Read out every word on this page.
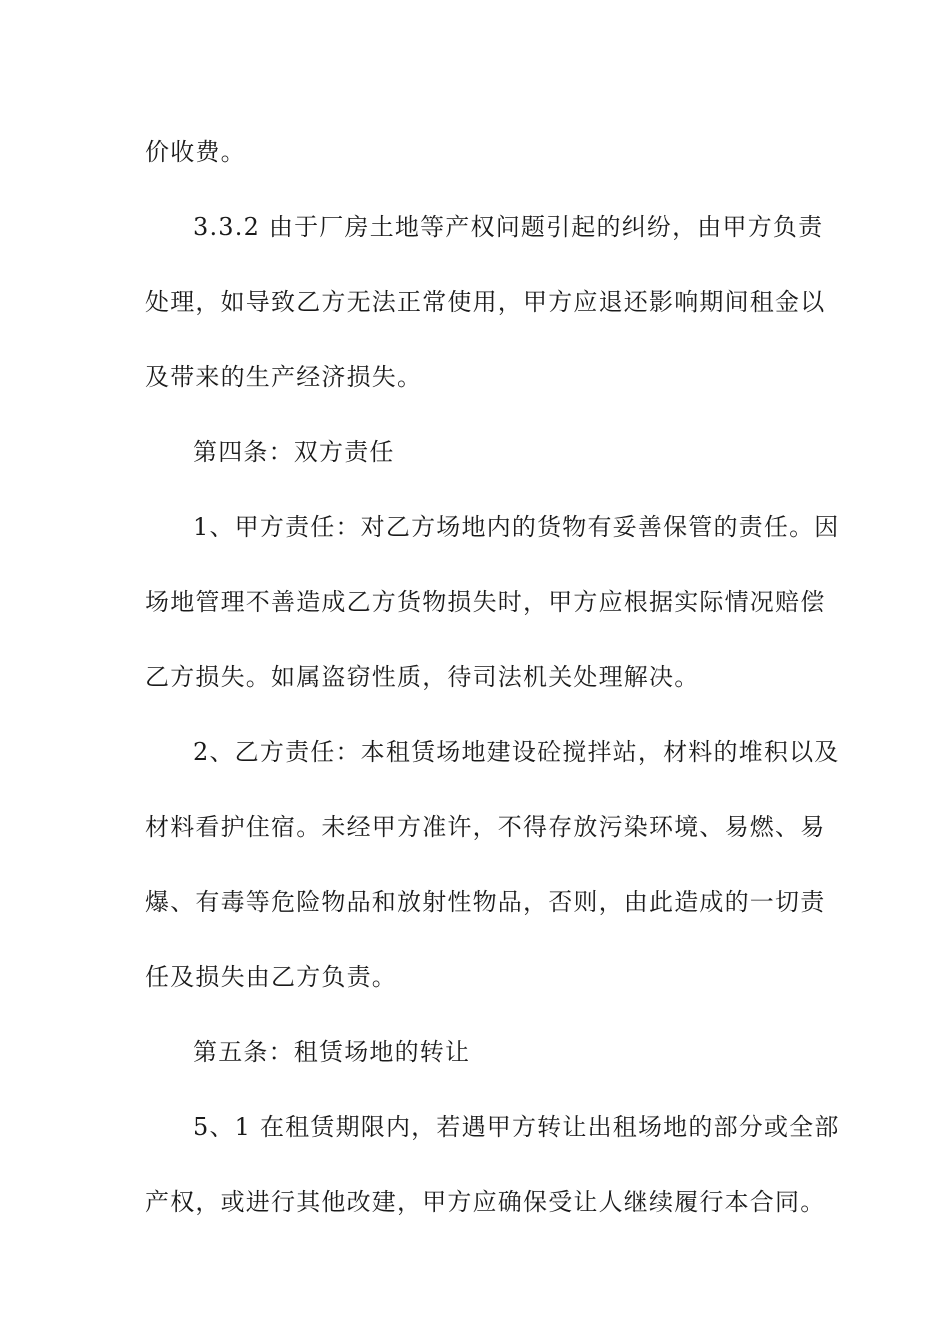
价收费。
3.3.2 由于厂房土地等产权问题引起的纠纷，由甲方负责
处理，如导致乙方无法正常使用，甲方应退还影响期间租金以
及带来的生产经济损失。
第四条：双方责任
1、甲方责任：对乙方场地内的货物有妥善保管的责任。因
场地管理不善造成乙方货物损失时，甲方应根据实际情况赔偿
乙方损失。如属盗窃性质，待司法机关处理解决。
2、乙方责任：本租赁场地建设砼搅拌站，材料的堆积以及
材料看护住宿。未经甲方准许，不得存放污染环境、易燃、易
爆、有毒等危险物品和放射性物品，否则，由此造成的一切责
任及损失由乙方负责。
第五条：租赁场地的转让
5、1 在租赁期限内，若遇甲方转让出租场地的部分或全部
产权，或进行其他改建，甲方应确保受让人继续履行本合同。
